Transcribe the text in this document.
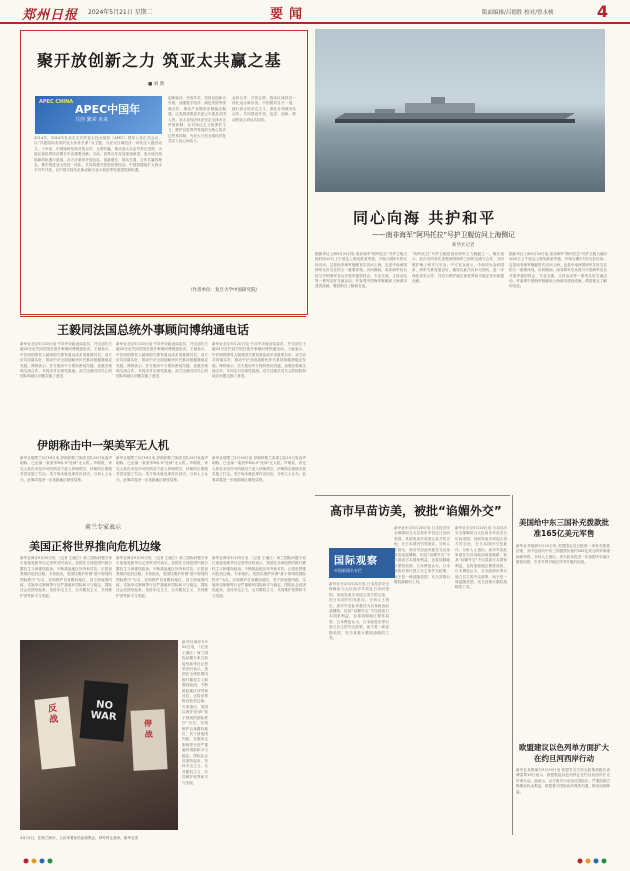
郑州日报 2024年5月21日 星期二	要闻	版面编辑/吕德胜 校对/曾永桢	4
聚开放创新之力 筑亚太共赢之基
■ 刘 典
APEC CHINA
APEC中国年
共创 繁荣 未来
2014年，2014年在北京召开的亚太经合组织（APEC）领导人非正式会议，以“共建面向未来的亚太伙伴关系”为主题，为亚太区域经济一体化注入强劲动力。十年来，中国始终坚持开放合作、互利共赢，推动亚太自由贸易区进程，为地区和世界经济增长作出重要贡献。当前，世界百年变局加速演进，亚太地区面临新的机遇与挑战。各方应秉持开放包容、创新增长、联动互通、合作共赢的理念，携手推进亚太经济一体化，共同构建开放型世界经济。中国将继续扩大高水平对外开放，以中国式现代化新成就为亚太和世界发展提供新机遇。
创新驱动，开放共享。坚持以创新为引领，加强数字经济、绿色发展等领域合作，推动产业链供应链稳定畅通，让发展成果更多更公平惠及各国人民。亚太各经济体应坚定支持多边贸易体制，反对单边主义和保护主义，维护以世界贸易组织为核心的多边贸易体制，为亚太乃至全球经济复苏注入信心和动力。
金砖合作、开放互联，推动区域经济一体化迈出新步伐。中国愿同各方一道，践行真正的多边主义，深化各领域务实合作，共同建设开放、包容、创新、联动的亚太命运共同体。
（作者单位：复旦大学中国研究院）
同心向海 共护和平
——南非海军“阿玛托拉”号护卫舰访问上海侧记
新华社记者
据新华社上海5月20日电 南非海军“阿玛托拉”号护卫舰当地时间20日上午抵达上海吴淞某军港，开始为期5天的友好访问。这是南非海军舰艇首次访问上海，也是中南两国两军友好交往的又一重要体现。访问期间，南非海军官兵将与中国海军官兵开展甲板招待会、专业交流、文体活动等一系列友好交流活动，并参观中国海军舰艇和上海城市建设成就，增进相互了解和友谊。
“阿玛托拉”号护卫舰是南非海军主力舰艇之一。舰长表示，此次访问旨在加强两国海军之间的交流与合作，共同维护海上和平与安全。中方官兵表示，中南同为金砖国家，两军关系发展良好，期待以此次访问为契机，进一步深化务实合作，共同为维护地区和世界和平稳定作出积极贡献。
据新华社上海5月20日电 南非海军“阿玛托拉”号护卫舰当地时间20日上午抵达上海吴淞某军港，开始为期5天的友好访问。这是南非海军舰艇首次访问上海，也是中南两国两军友好交往的又一重要体现。访问期间，南非海军官兵将与中国海军官兵开展甲板招待会、专业交流、文体活动等一系列友好交流活动，并参观中国海军舰艇和上海城市建设成就，增进相互了解和友谊。
王毅同法国总统外事顾问博纳通电话
新华社北京5月20日电 中共中央政治局委员、外交部长王毅20日应约同法国总统外事顾问博纳通电话。王毅表示，中法两国领导人就两国关系发展达成多项重要共识，双方应共同落实好，推动中法全面战略伙伴关系持续健康稳定发展。博纳表示，法方愿同中方保持密切沟通，加强各领域交流合作，共同应对全球性挑战。双方还就共同关心的国际和地区问题交换了意见。
新华社北京5月20日电 中共中央政治局委员、外交部长王毅20日应约同法国总统外事顾问博纳通电话。王毅表示，中法两国领导人就两国关系发展达成多项重要共识，双方应共同落实好，推动中法全面战略伙伴关系持续健康稳定发展。博纳表示，法方愿同中方保持密切沟通，加强各领域交流合作，共同应对全球性挑战。双方还就共同关心的国际和地区问题交换了意见。
新华社北京5月20日电 中共中央政治局委员、外交部长王毅20日应约同法国总统外事顾问博纳通电话。王毅表示，中法两国领导人就两国关系发展达成多项重要共识，双方应共同落实好，推动中法全面战略伙伴关系持续健康稳定发展。博纳表示，法方愿同中方保持密切沟通，加强各领域交流合作，共同应对全球性挑战。双方还就共同关心的国际和地区问题交换了意见。
伊朗称击中一架美军无人机
新华社德黑兰5月19日电 伊朗伊斯兰革命卫队19日发表声明称，已击落一架美军MQ-9“死神”无人机。声明说，该无人机在未经许可的情况下进入伊朗领空，伊朗防空系统对其实施了打击。美方尚未就此事作出回应。分析人士认为，此事或将进一步加剧地区紧张局势。
新华社德黑兰5月19日电 伊朗伊斯兰革命卫队19日发表声明称，已击落一架美军MQ-9“死神”无人机。声明说，该无人机在未经许可的情况下进入伊朗领空，伊朗防空系统对其实施了打击。美方尚未就此事作出回应。分析人士认为，此事或将进一步加剧地区紧张局势。
新华社德黑兰5月19日电 伊朗伊斯兰革命卫队19日发表声明称，已击落一架美军MQ-9“死神”无人机。声明说，该无人机在未经许可的情况下进入伊朗领空，伊朗防空系统对其实施了打击。美方尚未就此事作出回应。分析人士认为，此事或将进一步加剧地区紧张局势。
荷兰专家表示
美国正将世界推向危机边缘
新华社海牙5月20日电 （记者 王湘江）荷兰国际问题专家日前接受新华社记者采访时表示，美国在全球范围内推行霸权主义和强权政治，不断挑起地区冲突和对抗，正将世界推向危机边缘。专家指出，美国以维护所谓“基于规则的国际秩序”为名，实则维护自身霸权地位，其干涉他国内政、实施单边制裁等行径严重破坏国际和平与稳定。国际社会应团结起来，坚持多边主义，反对霸权主义，共同维护世界和平与发展。
新华社海牙5月20日电 （记者 王湘江）荷兰国际问题专家日前接受新华社记者采访时表示，美国在全球范围内推行霸权主义和强权政治，不断挑起地区冲突和对抗，正将世界推向危机边缘。专家指出，美国以维护所谓“基于规则的国际秩序”为名，实则维护自身霸权地位，其干涉他国内政、实施单边制裁等行径严重破坏国际和平与稳定。国际社会应团结起来，坚持多边主义，反对霸权主义，共同维护世界和平与发展。
新华社海牙5月20日电 （记者 王湘江）荷兰国际问题专家日前接受新华社记者采访时表示，美国在全球范围内推行霸权主义和强权政治，不断挑起地区冲突和对抗，正将世界推向危机边缘。专家指出，美国以维护所谓“基于规则的国际秩序”为名，实则维护自身霸权地位，其干涉他国内政、实施单边制裁等行径严重破坏国际和平与稳定。国际社会应团结起来，坚持多边主义，反对霸权主义，共同维护世界和平与发展。
新华社海牙5月20日电 （记者 王湘江）荷兰国际问题专家日前接受新华社记者采访时表示，美国在全球范围内推行霸权主义和强权政治，不断挑起地区冲突和对抗，正将世界推向危机边缘。专家指出，美国以维护所谓“基于规则的国际秩序”为名，实则维护自身霸权地位，其干涉他国内政、实施单边制裁等行径严重破坏国际和平与稳定。国际社会应团结起来，坚持多边主义，反对霸权主义，共同维护世界和平与发展。
反
战
NO
WAR
停
战
4月13日，在荷兰海牙，人们举着标语参加集会，呼吁停止战争。新华社发
高市早苗访美，被批“谄媚外交”
国际观察
中国新闻名专栏
新华社东京5月20日电 日本经济安全保障担当大臣高市早苗近日访问美国，其间发表多项迎合美方的言论，在日本国内引发批评。分析人士指出，高市早苗此举意在为自身政治前途铺路，但其“谄媚外交”不仅损害日本国家利益，也将加剧地区紧张局势。日本舆论认为，日本政府应奉行独立自主的外交政策，而不是一味追随美国，充当其推行霸权战略的工具。
新华社东京5月20日电 日本经济安全保障担当大臣高市早苗近日访问美国，其间发表多项迎合美方的言论，在日本国内引发批评。分析人士指出，高市早苗此举意在为自身政治前途铺路，但其“谄媚外交”不仅损害日本国家利益，也将加剧地区紧张局势。日本舆论认为，日本政府应奉行独立自主的外交政策，而不是一味追随美国，充当其推行霸权战略的工具。
新华社东京5月20日电 日本经济安全保障担当大臣高市早苗近日访问美国，其间发表多项迎合美方的言论，在日本国内引发批评。分析人士指出，高市早苗此举意在为自身政治前途铺路，但其“谄媚外交”不仅损害日本国家利益，也将加剧地区紧张局势。日本舆论认为，日本政府应奉行独立自主的外交政策，而不是一味追随美国，充当其推行霸权战略的工具。
美国给中东三国补充拨款批准165亿美元军售
新华社华盛顿5月19日电 美国国会近日批准一项补充拨款法案，其中包括向中东三国提供价值约165亿美元的军事援助和军售。分析人士指出，美方此举将进一步加剧中东地区紧张局势，引发外界对地区冲突升级的担忧。
欧盟建议以色列单方面扩大在约旦河西岸行动
新华社布鲁塞尔5月19日电 欧盟外交与安全政策高级代表博雷利19日表示，欧盟敦促以色列停止在约旦河西岸扩大军事行动。他表示，以方相关行动违反国际法，严重损害巴勒斯坦民众利益，欧盟将与国际伙伴保持沟通，推动局势降温。
